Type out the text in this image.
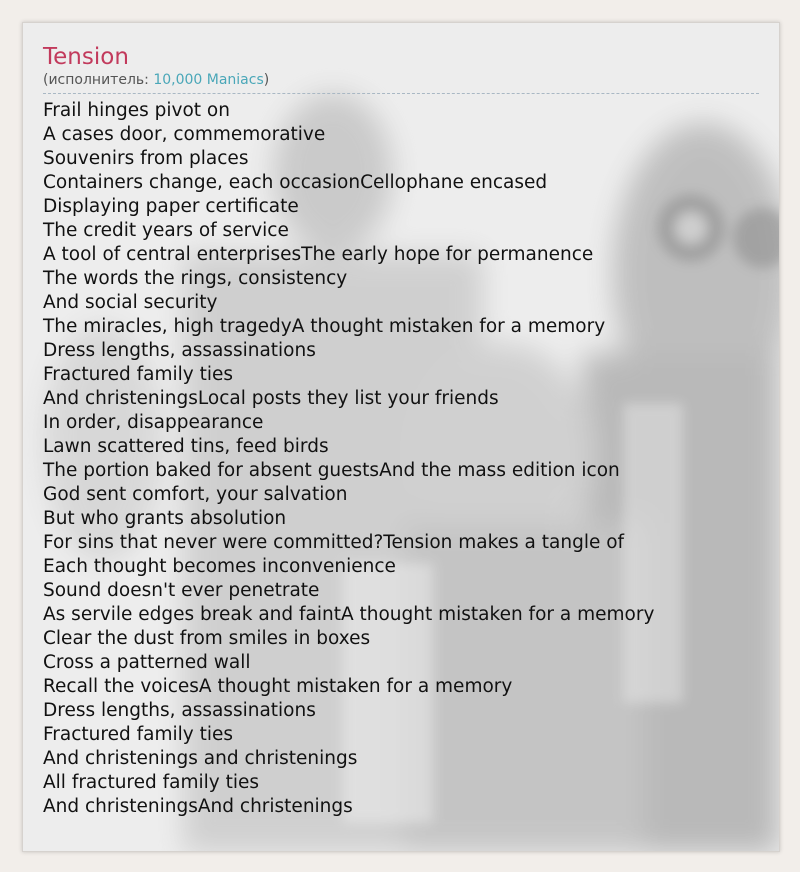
Tension
(исполнитель: 10,000 Maniacs)
Frail hinges pivot on
A cases door, commemorative
Souvenirs from places
Containers change, each occasionCellophane encased
Displaying paper certificate
The credit years of service
A tool of central enterprisesThe early hope for permanence
The words the rings, consistency
And social security
The miracles, high tragedyA thought mistaken for a memory
Dress lengths, assassinations
Fractured family ties
And christeningsLocal posts they list your friends
In order, disappearance
Lawn scattered tins, feed birds
The portion baked for absent guestsAnd the mass edition icon
God sent comfort, your salvation
But who grants absolution
For sins that never were committed?Tension makes a tangle of
Each thought becomes inconvenience
Sound doesn't ever penetrate
As servile edges break and faintA thought mistaken for a memory
Clear the dust from smiles in boxes
Cross a patterned wall
Recall the voicesA thought mistaken for a memory
Dress lengths, assassinations
Fractured family ties
And christenings and christenings
All fractured family ties
And christeningsAnd christenings
